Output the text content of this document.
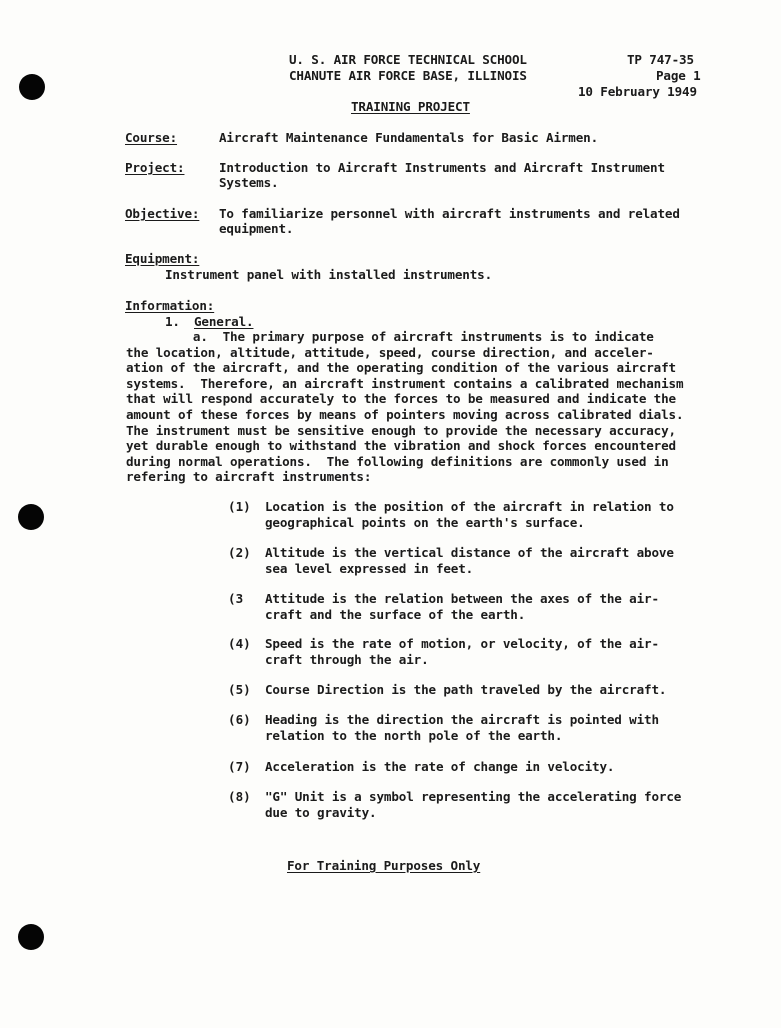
U. S. AIR FORCE TECHNICAL SCHOOL
CHANUTE AIR FORCE BASE, ILLINOIS
TP 747-35
Page 1
10 February 1949
TRAINING PROJECT
Course:	Aircraft Maintenance Fundamentals for Basic Airmen.
Project:	Introduction to Aircraft Instruments and Aircraft Instrument
Systems.
Objective: To familiarize personnel with aircraft instruments and related
equipment.
Equipment:
Instrument panel with installed instruments.
Information:
1. General.
a.  The primary purpose of aircraft instruments is to indicate
the location, altitude, attitude, speed, course direction, and acceler-
ation of the aircraft, and the operating condition of the various aircraft
systems.  Therefore, an aircraft instrument contains a calibrated mechanism
that will respond accurately to the forces to be measured and indicate the
amount of these forces by means of pointers moving across calibrated dials.
The instrument must be sensitive enough to provide the necessary accuracy,
yet durable enough to withstand the vibration and shock forces encountered
during normal operations.  The following definitions are commonly used in
refering to aircraft instruments:
(1) Location is the position of the aircraft in relation to
geographical points on the earth's surface.
(2) Altitude is the vertical distance of the aircraft above
sea level expressed in feet.
(3 Attitude is the relation between the axes of the air-
craft and the surface of the earth.
(4) Speed is the rate of motion, or velocity, of the air-
craft through the air.
(5) Course Direction is the path traveled by the aircraft.
(6) Heading is the direction the aircraft is pointed with
relation to the north pole of the earth.
(7) Acceleration is the rate of change in velocity.
(8) "G" Unit is a symbol representing the accelerating force
due to gravity.
For Training Purposes Only
